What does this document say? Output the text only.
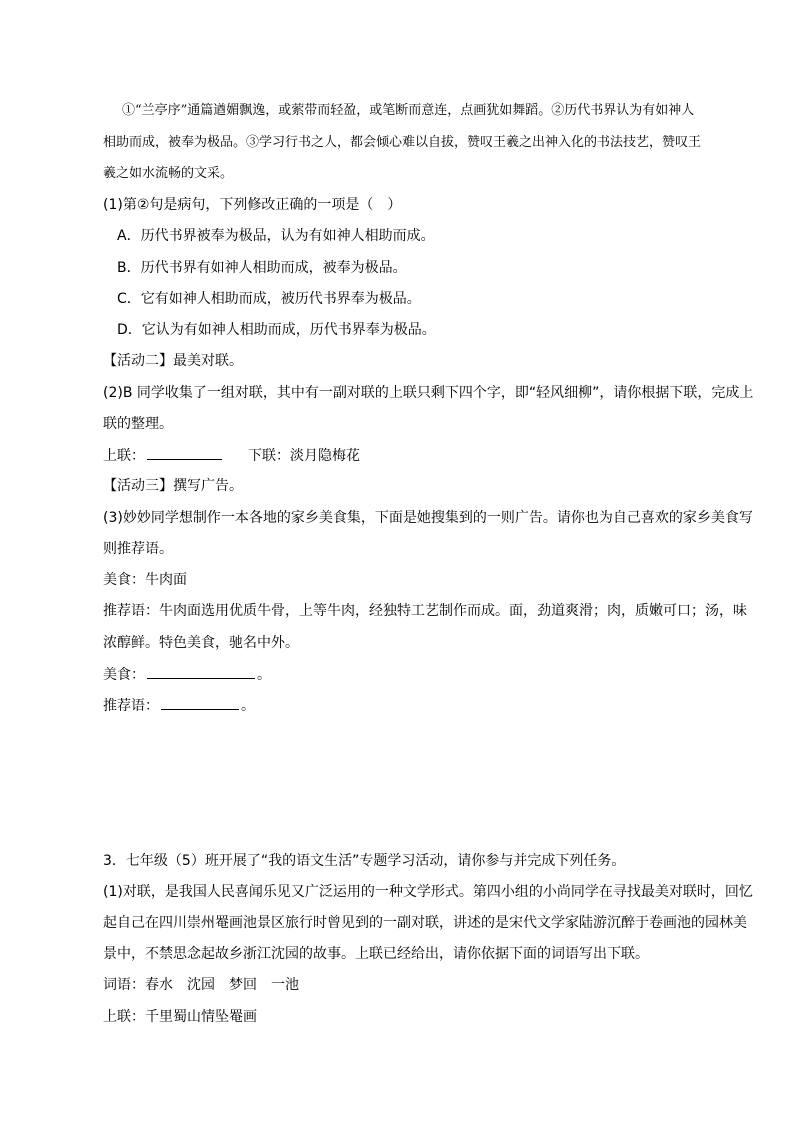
①“兰亭序”通篇遒媚飘逸，或萦带而轻盈，或笔断而意连，点画犹如舞蹈。②历代书界认为有如神人
相助而成，被奉为极品。③学习行书之人，都会倾心难以自拔，赞叹王羲之出神入化的书法技艺，赞叹王
羲之如水流畅的文采。
(1)第②句是病句，下列修改正确的一项是（　）
A．历代书界被奉为极品，认为有如神人相助而成。
B．历代书界有如神人相助而成，被奉为极品。
C．它有如神人相助而成，被历代书界奉为极品。
D．它认为有如神人相助而成，历代书界奉为极品。
【活动二】最美对联。
(2)B 同学收集了一组对联，其中有一副对联的上联只剩下四个字，即“轻风细柳”，请你根据下联，完成上
联的整理。
上联：	下联：淡月隐梅花
【活动三】撰写广告。
(3)妙妙同学想制作一本各地的家乡美食集，下面是她搜集到的一则广告。请你也为自己喜欢的家乡美食写
则推荐语。
美食：牛肉面
推荐语：牛肉面选用优质牛骨，上等牛肉，经独特工艺制作而成。面，劲道爽滑；肉，质嫩可口；汤，味
浓醇鲜。特色美食，驰名中外。
美食：	。
推荐语：	。
3．七年级（5）班开展了“我的语文生活”专题学习活动，请你参与并完成下列任务。
(1)对联，是我国人民喜闻乐见又广泛运用的一种文学形式。第四小组的小尚同学在寻找最美对联时，回忆
起自己在四川崇州罨画池景区旅行时曾见到的一副对联，讲述的是宋代文学家陆游沉醉于卷画池的园林美
景中，不禁思念起故乡浙江沈园的故事。上联已经给出，请你依据下面的词语写出下联。
词语：春水　沈园　梦回　一池
上联：千里蜀山情坠罨画
